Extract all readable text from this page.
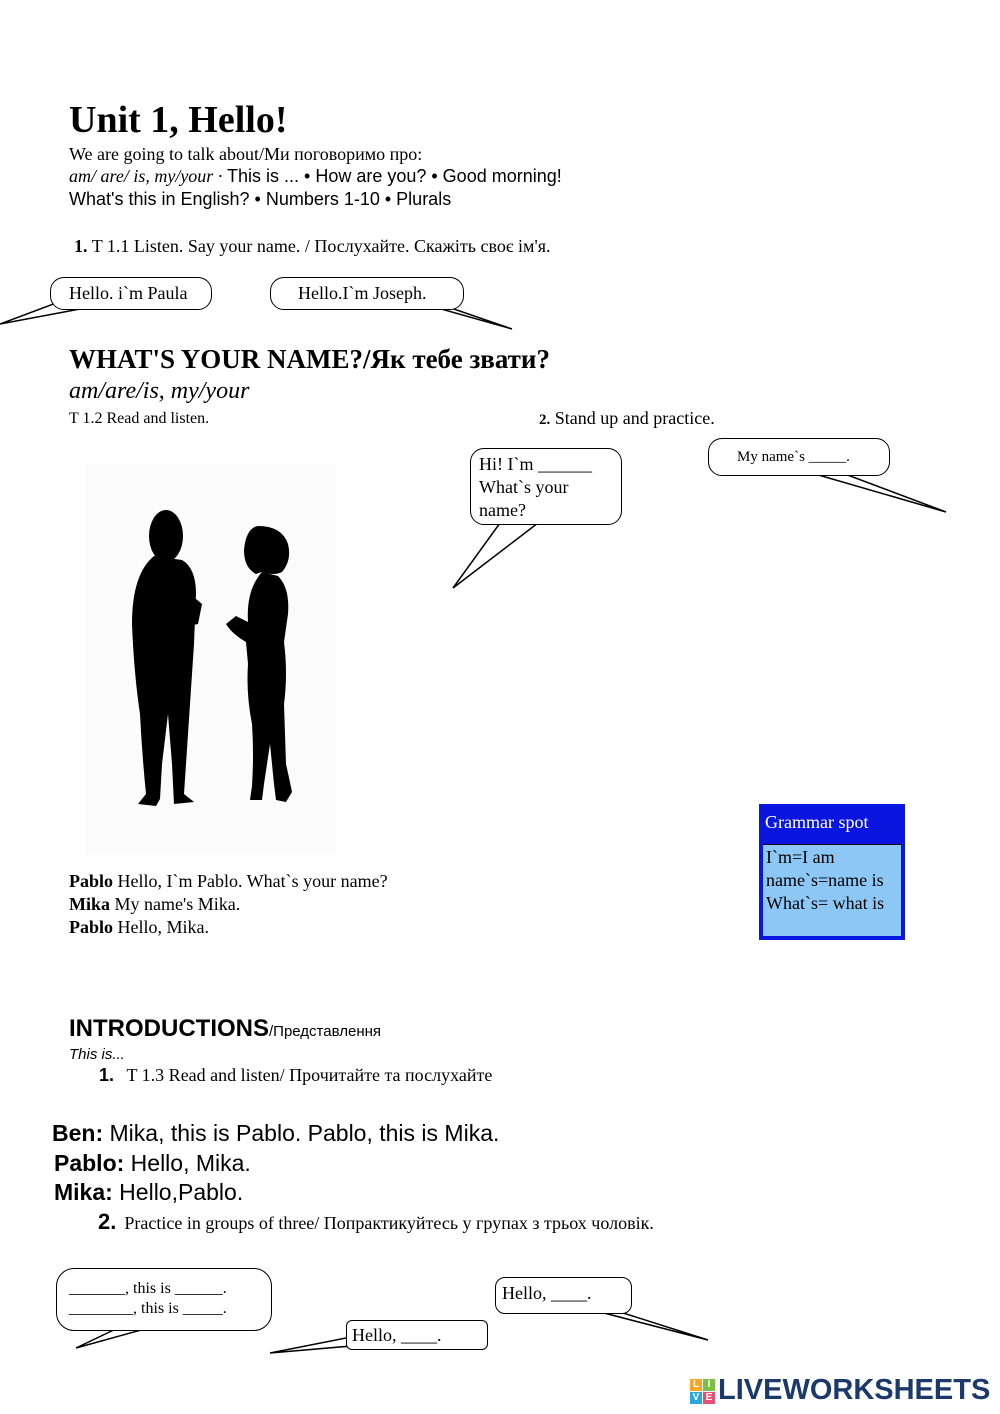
Unit 1, Hello!
We are going to talk about/Ми поговоримо про:
am/ are/ is, my/your · This is ... • How are you? • Good morning!
What's this in English? • Numbers 1-10 • Plurals
1. T 1.1 Listen. Say your name. / Послухайте. Скажіть своє ім'я.
Hello. i`m Paula	Hello.I`m Joseph.
WHAT'S YOUR NAME?/Як тебе звати?
am/are/is, my/your
T 1.2 Read and listen.	2. Stand up and practice.
Hi! I`m ______
What`s your
name?
My name`s _____.
Pablo Hello, I`m Pablo. What`s your name?
Mika My name's Mika.
Pablo Hello, Mika.
Grammar spot
I`m=I am
name`s=name is
What`s= what is
INTRODUCTIONS/Представлення
This is...
1. T 1.3 Read and listen/ Прочитайте та послухайте
Ben: Mika, this is Pablo. Pablo, this is Mika.
Pablo: Hello, Mika.
Mika: Hello,Pablo.
2. Practice in groups of three/ Попрактикуйтесь у групах з трьох чоловік.
_______, this is ______.
________, this is _____.
Hello, ____.
Hello, ____.
L I
V E LIVEWORKSHEETS
